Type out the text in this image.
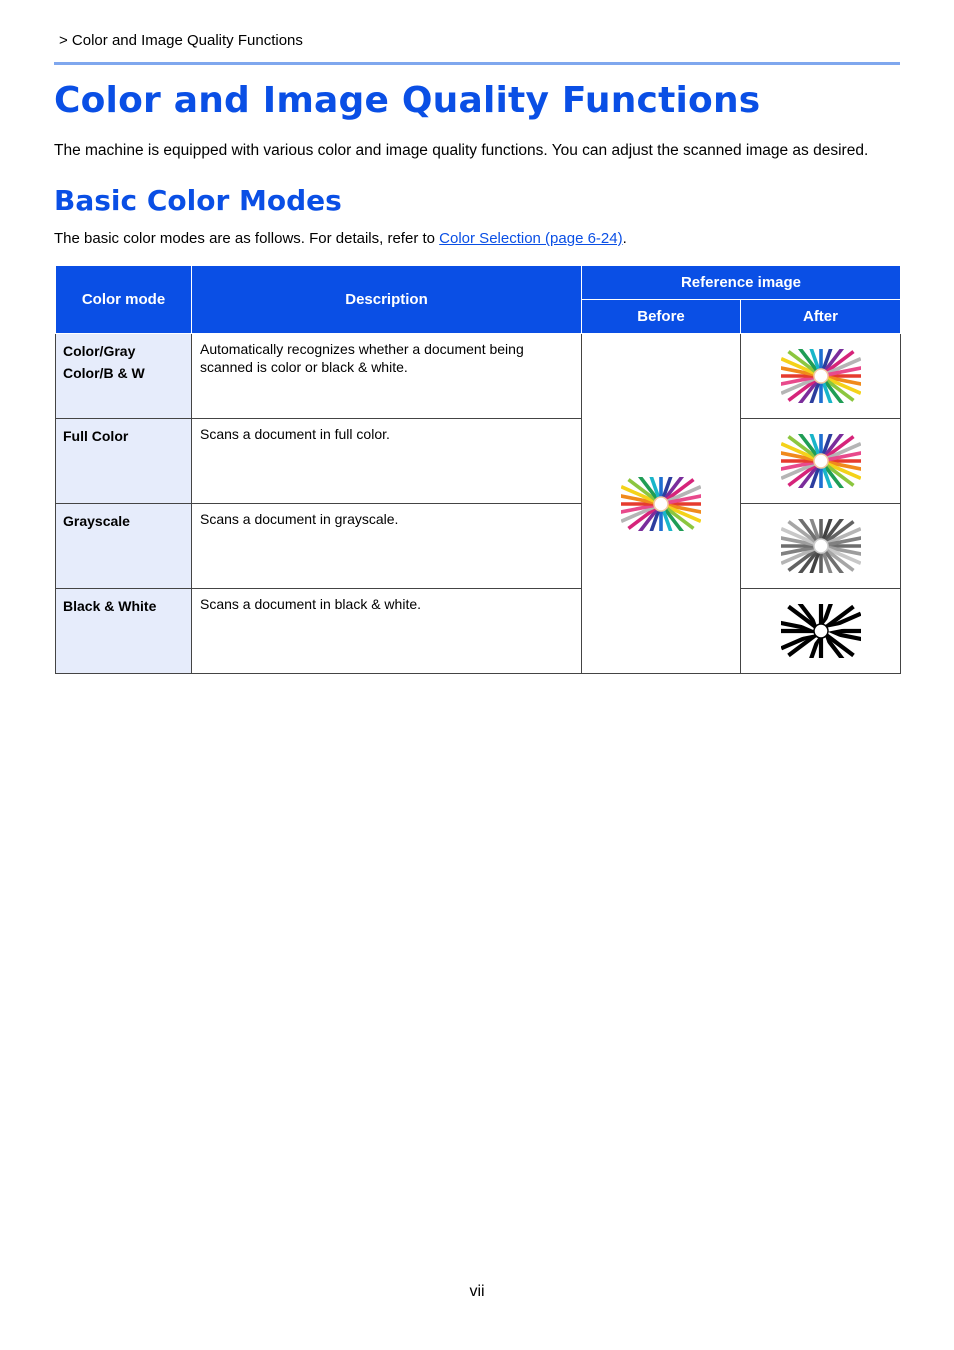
> Color and Image Quality Functions
Color and Image Quality Functions

The machine is equipped with various color and image quality functions. You can adjust the scanned image as desired.

Basic Color Modes

The basic color modes are as follows. For details, refer to Color Selection (page 6-24).

Color mode	Description	Reference image	
		Before	After

Color/Gray
Color/B & W	Automatically recognizes whether a document being scanned is color or black & white.	

Full Color	Scans a document in full color.	

Grayscale	Scans a document in grayscale.	

Black & White	Scans a document in black & white.	
vii
